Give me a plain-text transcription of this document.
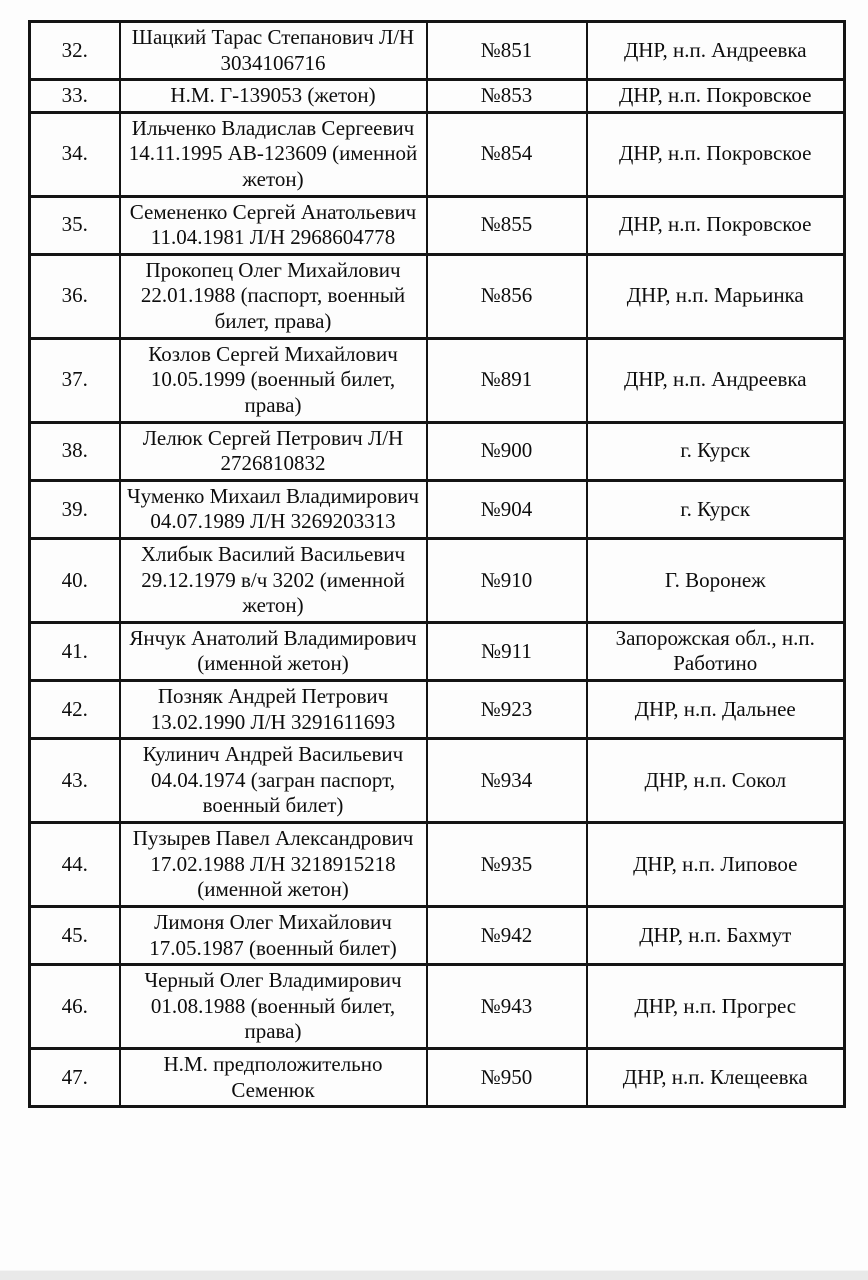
32.	Шацкий Тарас Степанович Л/Н 3034106716	№851	ДНР, н.п. Андреевка
33.	Н.М. Г-139053 (жетон)	№853	ДНР, н.п. Покровское
34.	Ильченко Владислав Сергеевич 14.11.1995 АВ-123609 (именной жетон)	№854	ДНР, н.п. Покровское
35.	Семененко Сергей Анатольевич 11.04.1981 Л/Н 2968604778	№855	ДНР, н.п. Покровское
36.	Прокопец Олег Михайлович 22.01.1988 (паспорт, военный билет, права)	№856	ДНР, н.п. Марьинка
37.	Козлов Сергей Михайлович 10.05.1999 (военный билет, права)	№891	ДНР, н.п. Андреевка
38.	Лелюк Сергей Петрович Л/Н 2726810832	№900	г. Курск
39.	Чуменко Михаил Владимирович 04.07.1989 Л/Н 3269203313	№904	г. Курск
40.	Хлибык Василий Васильевич 29.12.1979 в/ч 3202 (именной жетон)	№910	Г. Воронеж
41.	Янчук Анатолий Владимирович (именной жетон)	№911	Запорожская обл., н.п. Работино
42.	Позняк Андрей Петрович 13.02.1990 Л/Н 3291611693	№923	ДНР, н.п. Дальнее
43.	Кулинич Андрей Васильевич 04.04.1974 (загран паспорт, военный билет)	№934	ДНР, н.п. Сокол
44.	Пузырев Павел Александрович 17.02.1988 Л/Н 3218915218 (именной жетон)	№935	ДНР, н.п. Липовое
45.	Лимоня Олег Михайлович 17.05.1987 (военный билет)	№942	ДНР, н.п. Бахмут
46.	Черный Олег Владимирович 01.08.1988 (военный билет, права)	№943	ДНР, н.п. Прогрес
47.	Н.М. предположительно Семенюк	№950	ДНР, н.п. Клещеевка
